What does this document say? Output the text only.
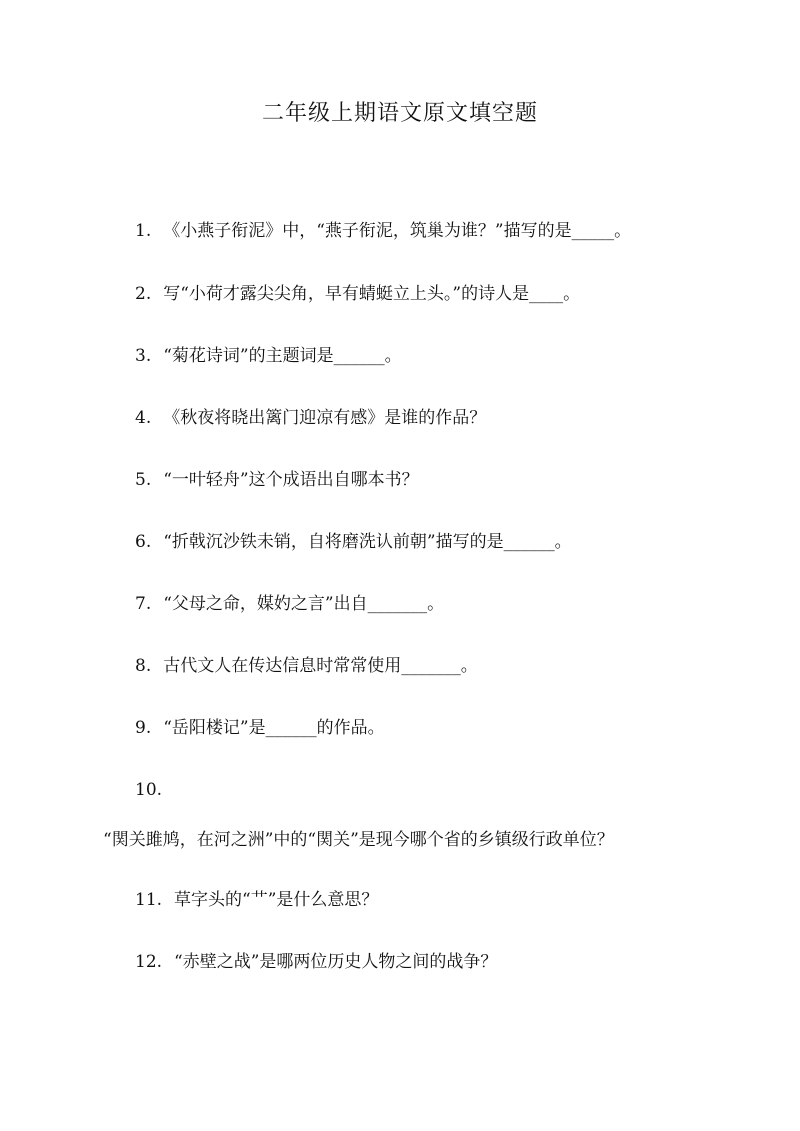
二年级上期语文原文填空题
1. 《小燕子衔泥》中，“燕子衔泥，筑巢为谁？”描写的是_____。
2. 写“小荷才露尖尖角，早有蜻蜓立上头。”的诗人是____。
3. “菊花诗词”的主题词是______。
4. 《秋夜将晓出篱门迎凉有感》是谁的作品？
5. “一叶轻舟”这个成语出自哪本书？
6. “折戟沉沙铁未销，自将磨洗认前朝”描写的是______。
7. “父母之命，媒妁之言”出自_______。
8. 古代文人在传达信息时常常使用_______。
9. “岳阳楼记”是______的作品。
10.
“関关雎鸠，在河之洲”中的“関关”是现今哪个省的乡镇级行政单位？
11. 草字头的“艹”是什么意思？
12. “赤壁之战”是哪两位历史人物之间的战争？
